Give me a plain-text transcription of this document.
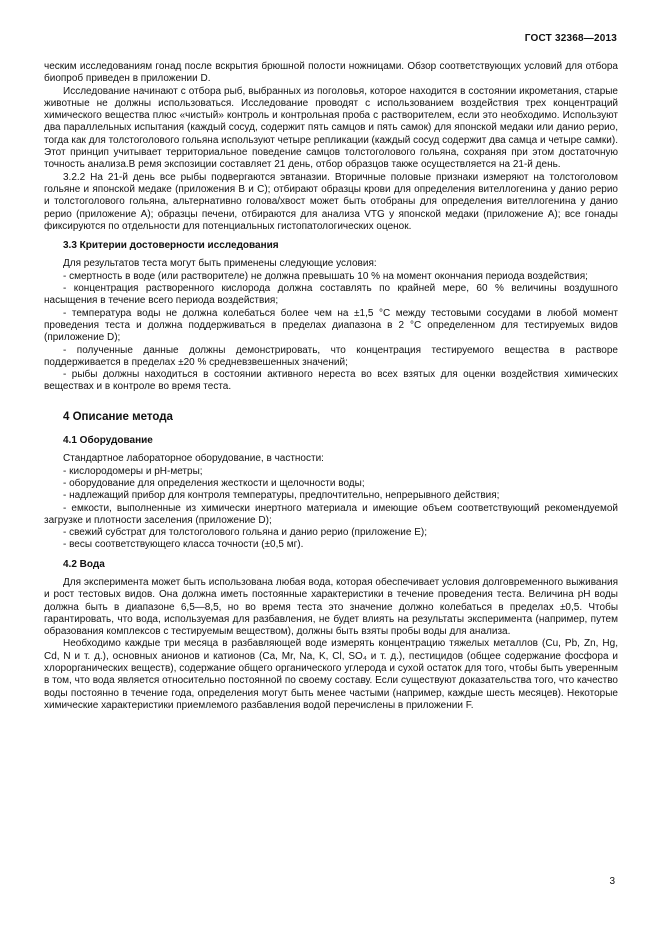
ГОСТ 32368—2013

ческим исследованиям гонад после вскрытия брюшной полости ножницами. Обзор соответствующих условий для отбора биопроб приведен в приложении D.

Исследование начинают с отбора рыб, выбранных из поголовья, которое находится в состоянии икрометания, старые животные не должны использоваться. Исследование проводят с использованием воздействия трех концентраций химического вещества плюс «чистый» контроль и контрольная проба с растворителем, если это необходимо. Используют два параллельных испытания (каждый сосуд, содержит пять самцов и пять самок) для японской медаки или данио рерио, тогда как для толстоголового гольяна используют четыре репликации (каждый сосуд содержит два самца и четыре самки). Этот принцип учитывает территориальное поведение самцов толстоголового гольяна, сохраняя при этом достаточную точность анализа.В ремя экспозиции составляет 21 день, отбор образцов также осуществляется на 21-й день.

3.2.2 На 21-й день все рыбы подвергаются эвтаназии. Вторичные половые признаки измеряют на толстоголовом гольяне и японской медаке (приложения B и C); отбирают образцы крови для определения вителлогенина у данио рерио и толстоголового гольяна, альтернативно голова/хвост может быть отобраны для определения вителлогенина у данио рерио (приложение A); образцы печени, отбираются для анализа VTG у японской медаки (приложение A); все гонады фиксируются по отдельности для потенциальных гистопатологических оценок.

3.3 Критерии достоверности исследования

Для результатов теста могут быть применены следующие условия:

- смертность в воде (или растворителе) не должна превышать 10 % на момент окончания периода воздействия;

- концентрация растворенного кислорода должна составлять по крайней мере, 60 % величины воздушного насыщения в течение всего периода воздействия;

- температура воды не должна колебаться более чем на ±1,5 °С между тестовыми сосудами в любой момент проведения теста и должна поддерживаться в пределах диапазона в 2 °С определенном для тестируемых видов (приложение D);

- полученные данные должны демонстрировать, что концентрация тестируемого вещества в растворе поддерживается в пределах ±20 % средневзвешенных значений;

- рыбы должны находиться в состоянии активного нереста во всех взятых для оценки воздействия химических веществах и в контроле во время теста.

4 Описание метода

4.1 Оборудование

Стандартное лабораторное оборудование, в частности:

- кислородомеры и pH-метры;

- оборудование для определения жесткости и щелочности воды;

- надлежащий прибор для контроля температуры, предпочтительно, непрерывного действия;

- емкости, выполненные из химически инертного материала и имеющие объем соответствующий рекомендуемой загрузке и плотности заселения (приложение D);

- свежий субстрат для толстоголового гольяна и данио рерио (приложение E);

- весы соответствующего класса точности (±0,5 мг).

4.2 Вода

Для эксперимента может быть использована любая вода, которая обеспечивает условия долговременного выживания и рост тестовых видов. Она должна иметь постоянные характеристики в течение проведения теста. Величина pH воды должна быть в диапазоне 6,5—8,5, но во время теста это значение должно колебаться в пределах ±0,5. Чтобы гарантировать, что вода, используемая для разбавления, не будет влиять на результаты эксперимента (например, путем образования комплексов с тестируемым веществом), должны быть взяты пробы воды для анализа.

Необходимо каждые три месяца в разбавляющей воде измерять концентрацию тяжелых металлов (Cu, Pb, Zn, Hg, Cd, N и т. д.), основных анионов и катионов (Ca, Mr, Na, K, Cl, SO₄ и т. д.), пестицидов (общее содержание фосфора и хлорорганических веществ), содержание общего органического углерода и сухой остаток для того, чтобы быть уверенным в том, что вода является относительно постоянной по своему составу. Если существуют доказательства того, что качество воды постоянно в течение года, определения могут быть менее частыми (например, каждые шесть месяцев). Некоторые химические характеристики приемлемого разбавления водой перечислены в приложении F.

3
